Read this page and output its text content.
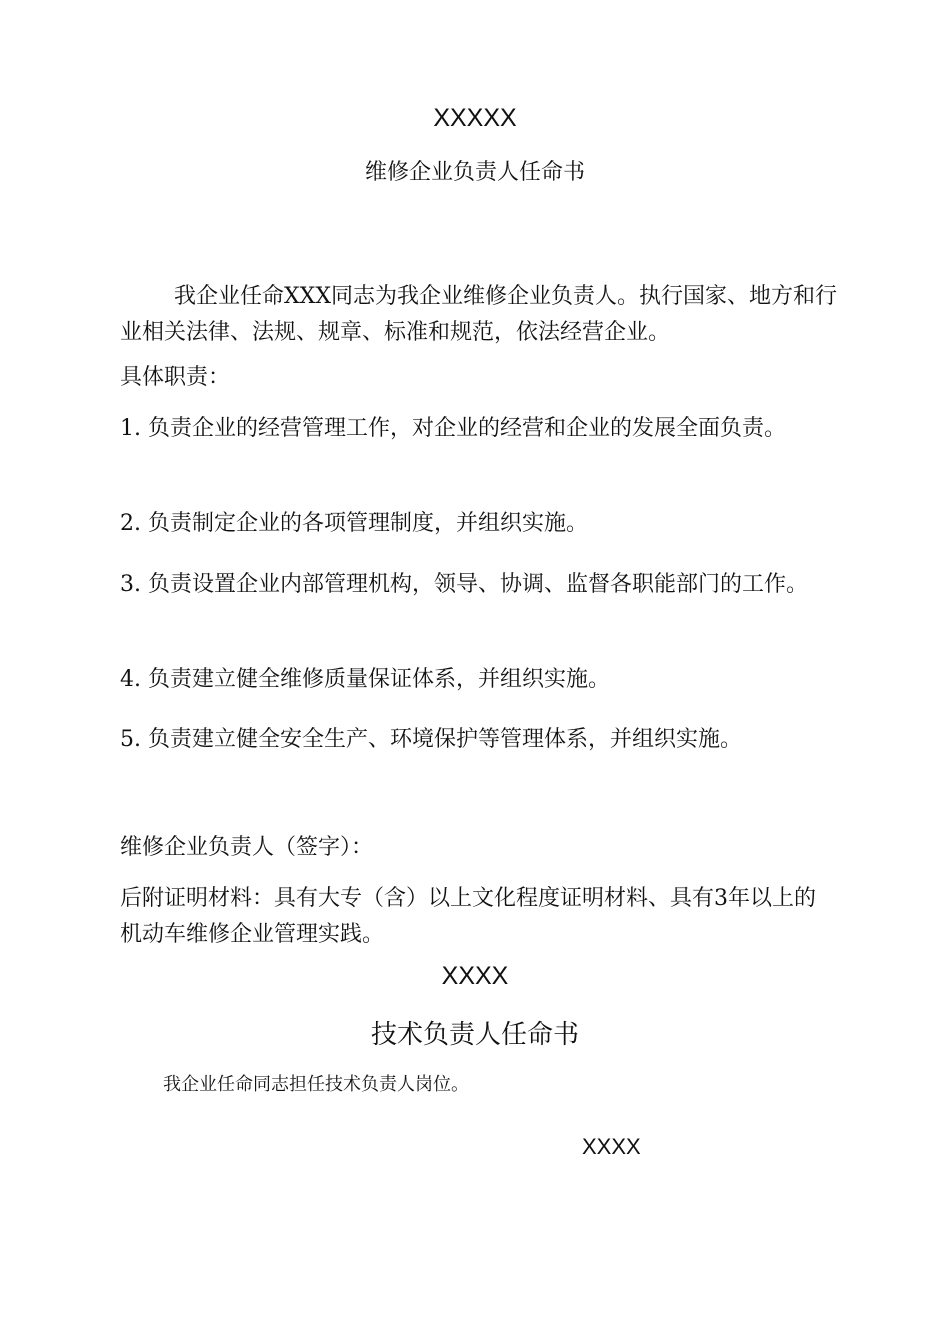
XXXXX
维修企业负责人任命书
我企业任命XXX同志为我企业维修企业负责人。执行国家、地方和行业相关法律、法规、规章、标准和规范，依法经营企业。
具体职责：
1. 负责企业的经营管理工作，对企业的经营和企业的发展全面负责。
2. 负责制定企业的各项管理制度，并组织实施。
3. 负责设置企业内部管理机构，领导、协调、监督各职能部门的工作。
4. 负责建立健全维修质量保证体系，并组织实施。
5. 负责建立健全安全生产、环境保护等管理体系，并组织实施。
维修企业负责人（签字）：
后附证明材料：具有大专（含）以上文化程度证明材料、具有3年以上的机动车维修企业管理实践。
XXXX
技术负责人任命书
我企业任命同志担任技术负责人岗位。
XXXX
